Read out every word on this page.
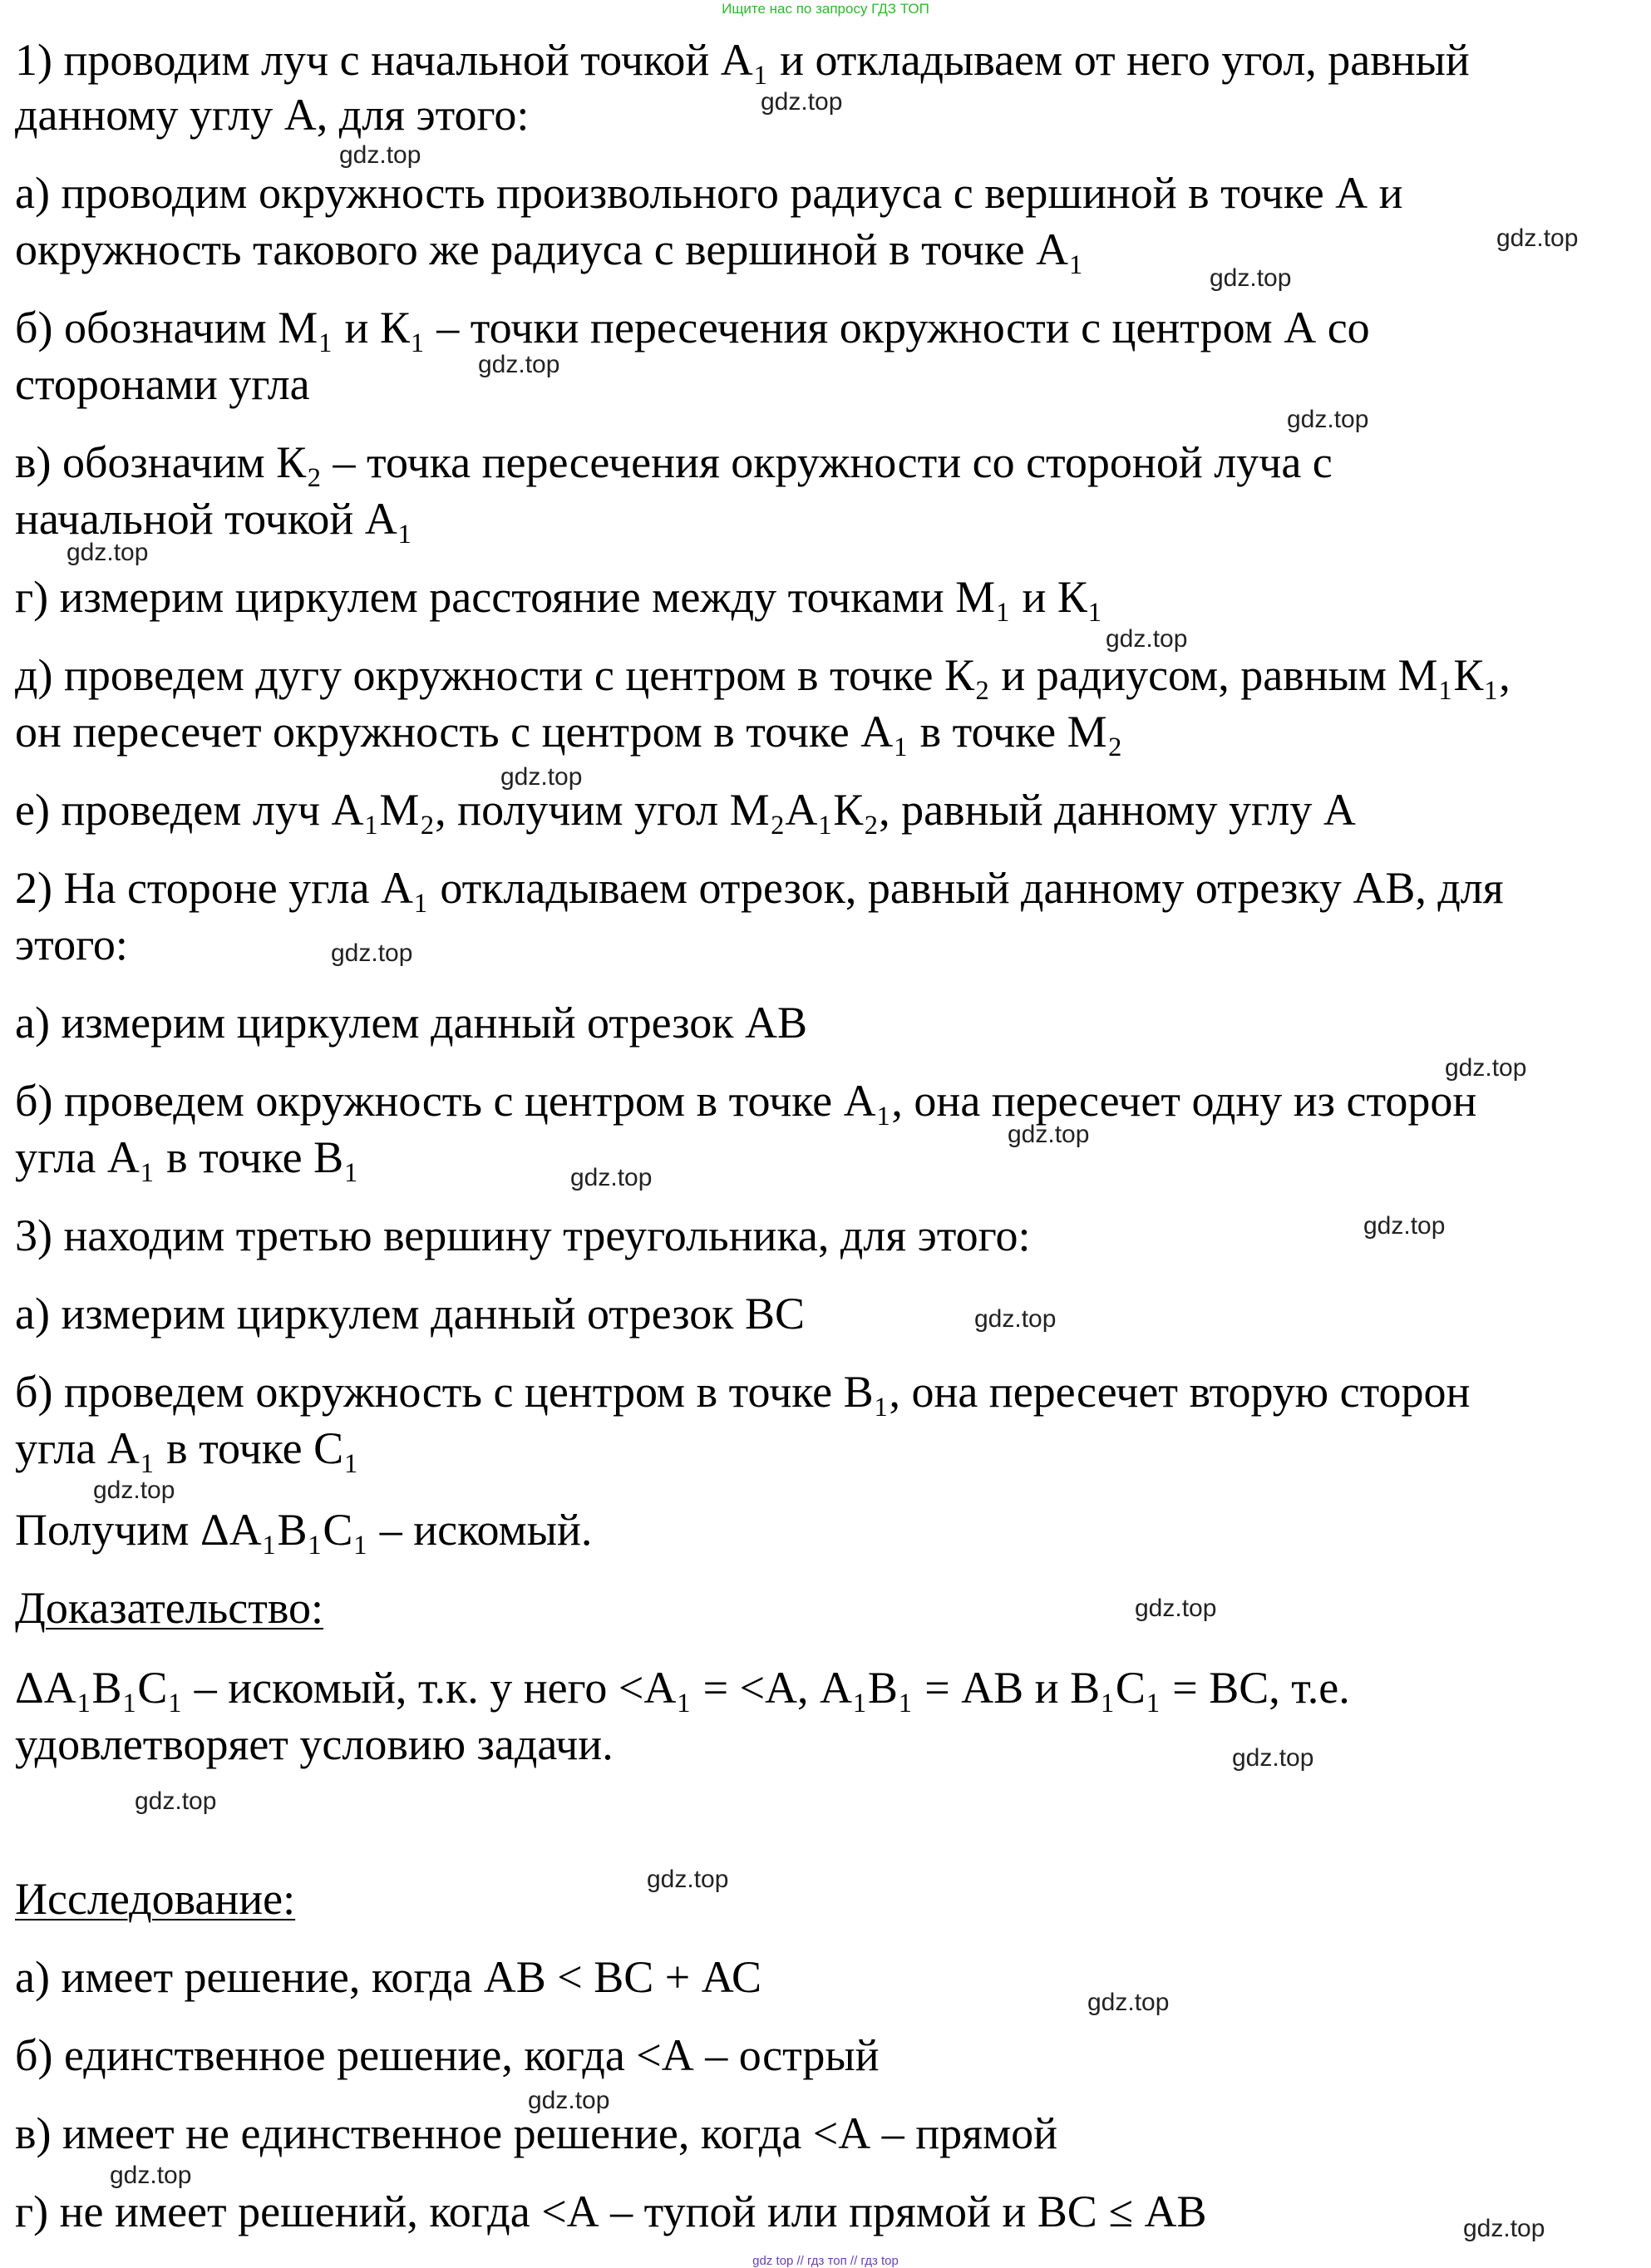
Ищите нас по запросу ГДЗ ТОП
1) проводим луч с начальной точкой А₁ и откладываем от него угол, равный
данному углу А, для этого:
а) проводим окружность произвольного радиуса с вершиной в точке А и
окружность такового же радиуса с вершиной в точке А₁
б) обозначим М₁ и К₁ – точки пересечения окружности с центром А со
сторонами угла
в) обозначим К₂ – точка пересечения окружности со стороной луча с
начальной точкой А₁
г) измерим циркулем расстояние между точками М₁ и К₁
д) проведем дугу окружности с центром в точке К₂ и радиусом, равным М₁К₁,
он пересечет окружность с центром в точке А₁ в точке М₂
е) проведем луч А₁М₂, получим угол М₂А₁К₂, равный данному углу А
2) На стороне угла А₁ откладываем отрезок, равный данному отрезку АВ, для
этого:
а) измерим циркулем данный отрезок АВ
б) проведем окружность с центром в точке А₁, она пересечет одну из сторон
угла А₁ в точке В₁
3) находим третью вершину треугольника, для этого:
а) измерим циркулем данный отрезок ВС
б) проведем окружность с центром в точке В₁, она пересечет вторую сторон
угла А₁ в точке С₁
Получим ΔА₁В₁С₁ – искомый.
Доказательство:
ΔА₁В₁С₁ – искомый, т.к. у него <А₁ = <А, А₁В₁ = АВ и В₁С₁ = ВС, т.е.
удовлетворяет условию задачи.
Исследование:
а) имеет решение, когда АВ < ВС + АС
б) единственное решение, когда <А – острый
в) имеет не единственное решение, когда <А – прямой
г) не имеет решений, когда <А – тупой или прямой и ВС ≤ АВ
gdz.top
gdz.top
gdz.top
gdz.top
gdz.top
gdz.top
gdz.top
gdz.top
gdz.top
gdz.top
gdz.top
gdz.top
gdz.top
gdz.top
gdz.top
gdz.top
gdz.top
gdz.top
gdz.top
gdz.top
gdz.top
gdz.top
gdz.top
gdz.top
gdz top // гдз топ // гдз top
